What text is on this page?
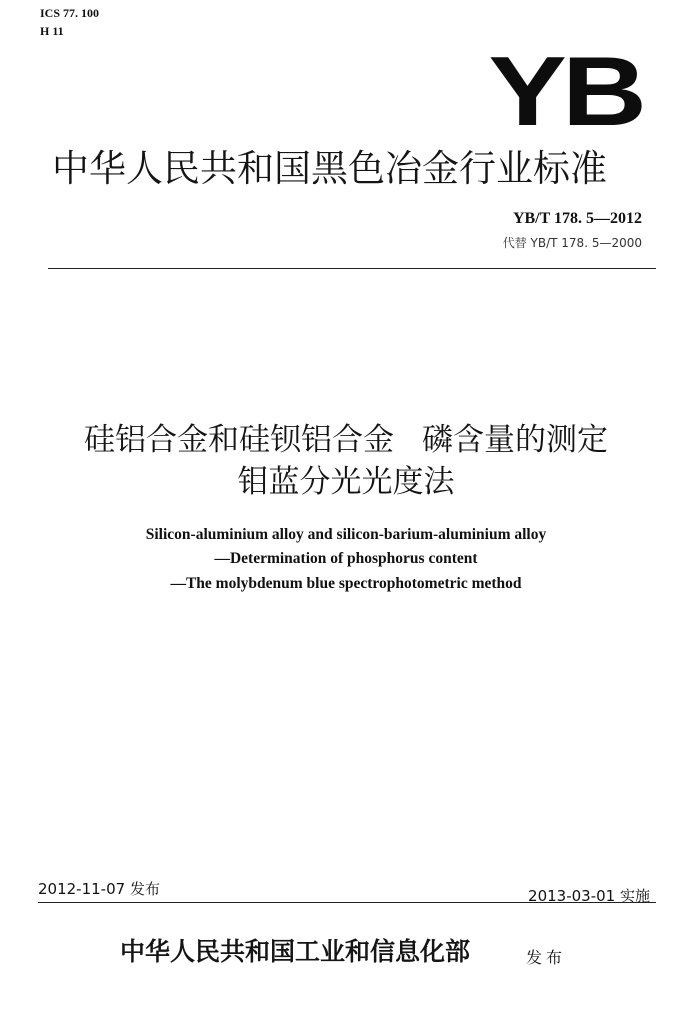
ICS 77. 100
H 11
YB
中华人民共和国黑色冶金行业标准
YB/T 178. 5—2012
代替 YB/T 178. 5—2000
硅铝合金和硅钡铝合金 磷含量的测定
钼蓝分光光度法
Silicon-aluminium alloy and silicon-barium-aluminium alloy
—Determination of phosphorus content
—The molybdenum blue spectrophotometric method
2012-11-07 发布	2013-03-01 实施
中华人民共和国工业和信息化部	发布
